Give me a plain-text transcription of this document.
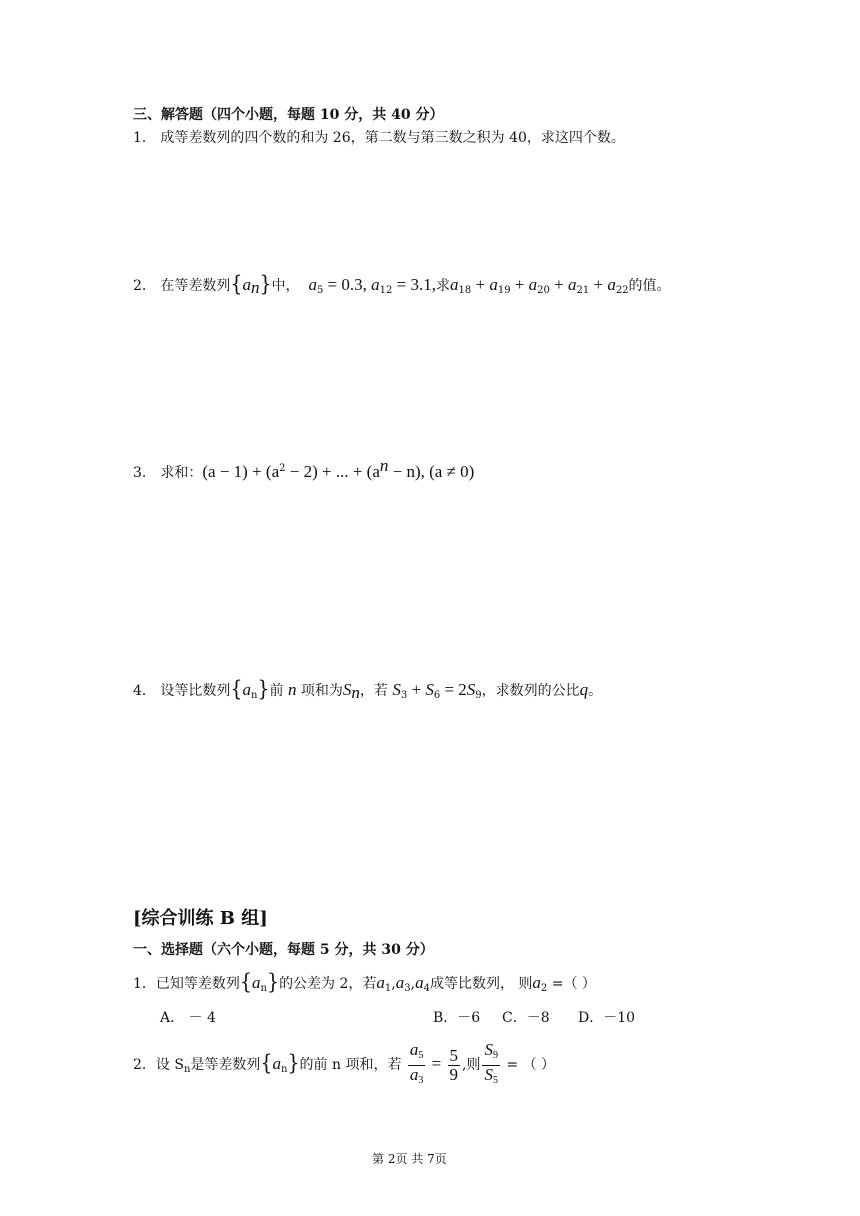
三、解答题（四个小题，每题 10 分，共 40 分）
1． 成等差数列的四个数的和为 26，第二数与第三数之积为 40，求这四个数。
2． 在等差数列$\{a_n\}$中， $a_5 = 0.3$, $a_{12} = 3.1$,求$a_{18} + a_{19} + a_{20} + a_{21} + a_{22}$的值。
3． 求和：$(a - 1) + (a^2 - 2)$ + ... + $(a^n - n)$, (a ≠ 0)
4． 设等比数列$\{a_n\}$前 n 项和为$S_n$，若 $S_3 + S_6 = 2S_9$，求数列的公比q。
[综合训练 B 组]
一、选择题（六个小题，每题 5 分，共 30 分）
1．已知等差数列$\{a_n\}$的公差为 2，若$a_1,a_3,a_4$成等比数列， 则$a_2$ =（ ）
A． － 4	B．－6 C．－8 D．－10
2．设 $S_n$是等差数列$\{a_n\}$的前 n 项和，若 $\frac{a_5}{a_3} = \frac{5}{9}$ ,则 $\frac{S_9}{S_5}$ = （ ）
第 2页 共 7页
